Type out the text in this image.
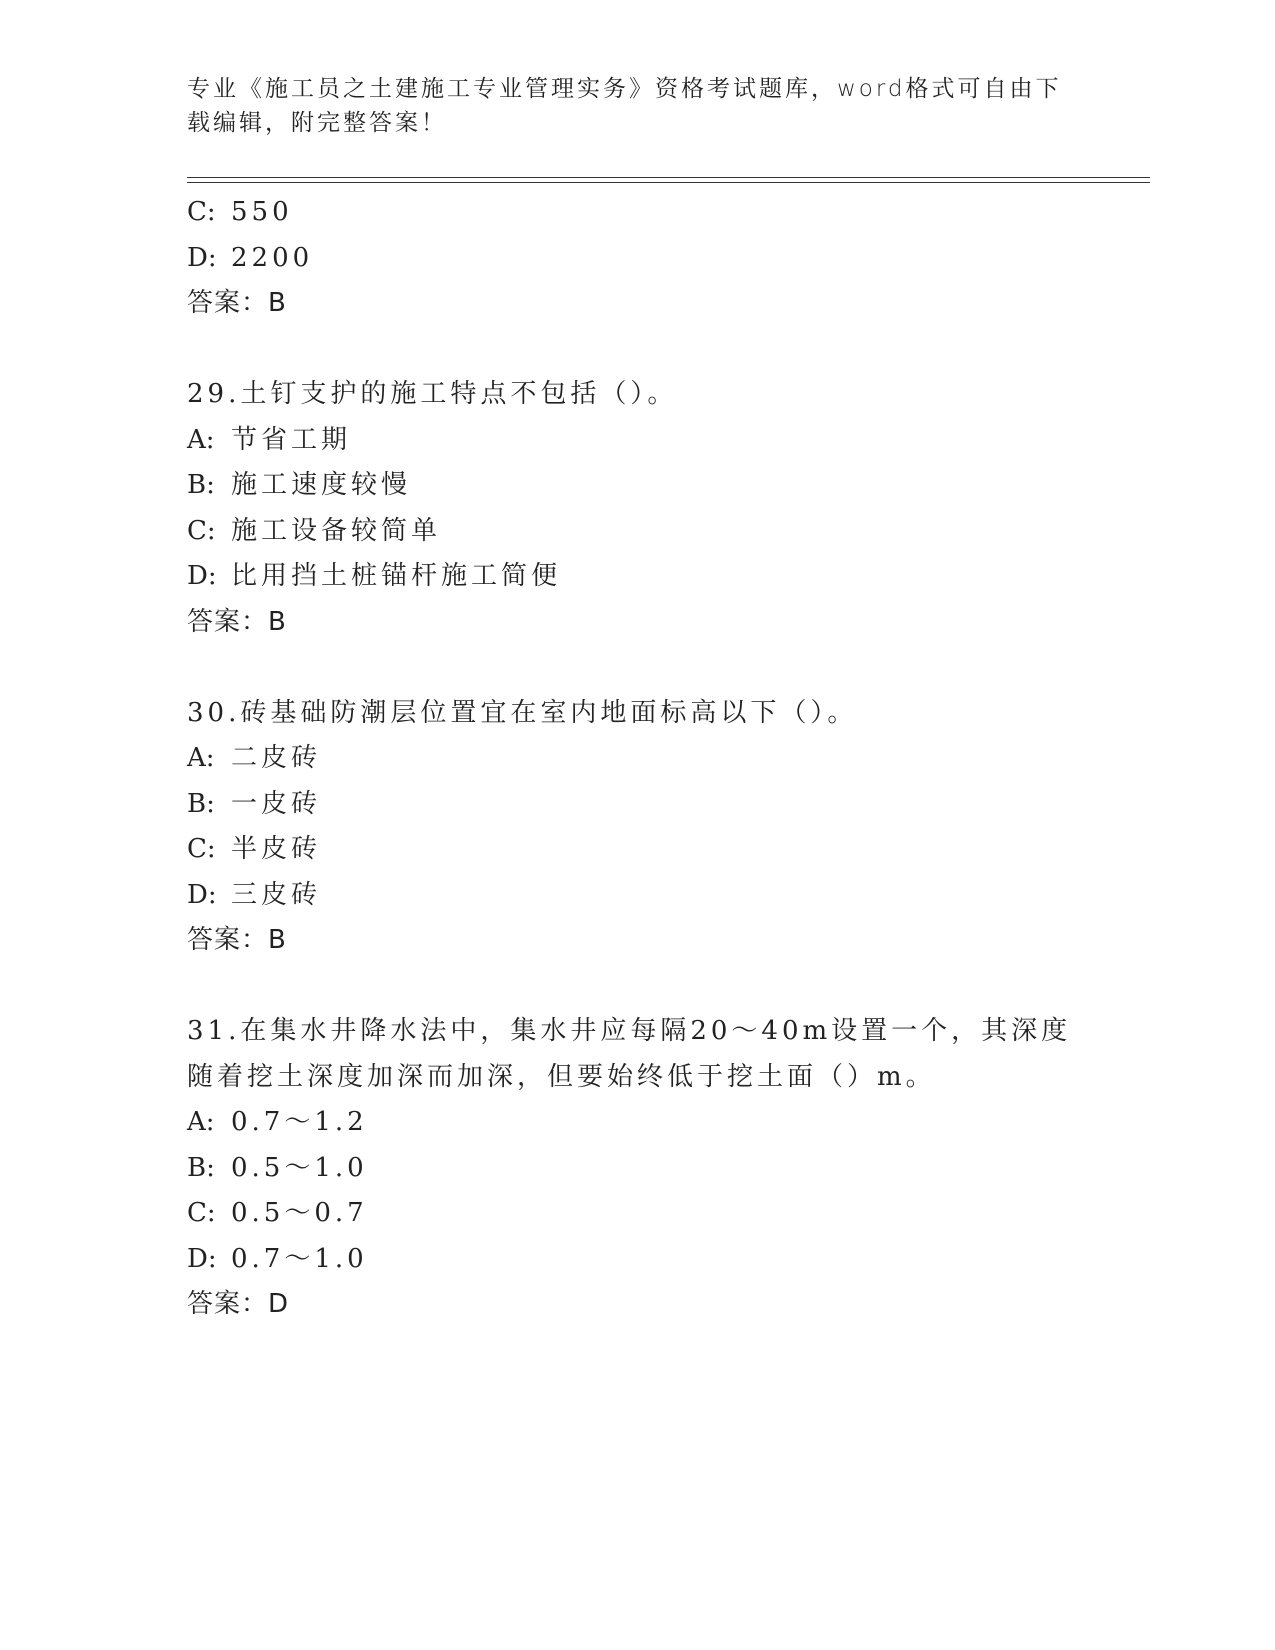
专业《施工员之土建施工专业管理实务》资格考试题库，word格式可自由下载编辑，附完整答案！
C: 550
D: 2200
答案：B
29.土钉支护的施工特点不包括（）。
A: 节省工期
B: 施工速度较慢
C: 施工设备较简单
D: 比用挡土桩锚杆施工简便
答案：B
30.砖基础防潮层位置宜在室内地面标高以下（）。
A: 二皮砖
B: 一皮砖
C: 半皮砖
D: 三皮砖
答案：B
31.在集水井降水法中，集水井应每隔20～40m设置一个，其深度随着挖土深度加深而加深，但要始终低于挖土面（）m。
A: 0.7～1.2
B: 0.5～1.0
C: 0.5～0.7
D: 0.7～1.0
答案：D
